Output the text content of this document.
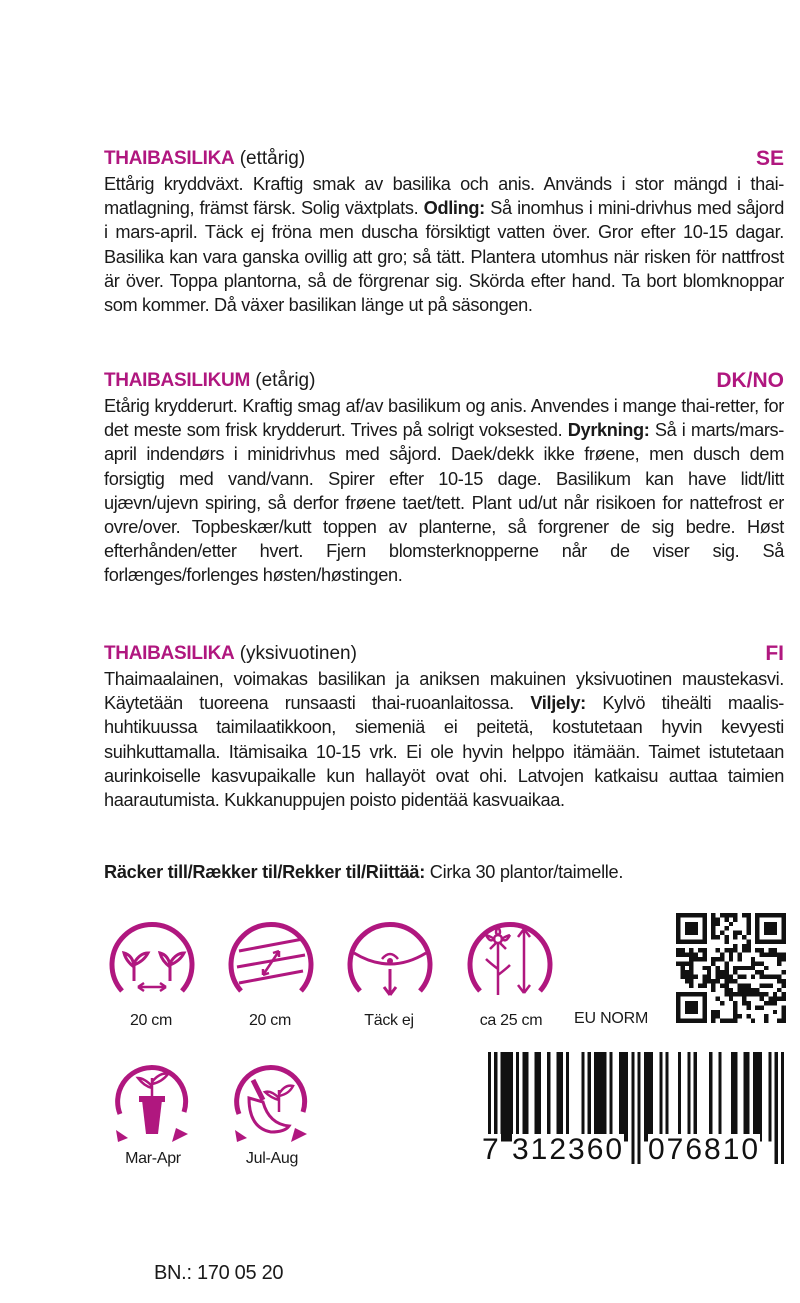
THAIBASILIKA (ettårig)	SE
Ettårig kryddväxt. Kraftig smak av basilika och anis. Används i stor mängd i thai-matlagning, främst färsk. Solig växtplats. Odling: Så inomhus i mini-drivhus med såjord i mars-april. Täck ej fröna men duscha försiktigt vatten över. Gror efter 10-15 dagar. Basilika kan vara ganska ovillig att gro; så tätt. Plantera utomhus när risken för nattfrost är över. Toppa plantorna, så de förgrenar sig. Skörda efter hand. Ta bort blomknoppar som kommer. Då växer basilikan länge ut på säsongen.
THAIBASILIKUM (etårig)	DK/NO
Etårig krydderurt. Kraftig smag af/av basilikum og anis. Anvendes i mange thai-retter, for det meste som frisk krydderurt. Trives på solrigt voksested. Dyrkning: Så i marts/mars-april indendørs i minidrivhus med såjord. Daek/dekk ikke frøene, men dusch dem forsigtig med vand/vann. Spirer efter 10-15 dage. Basilikum kan have lidt/litt ujævn/ujevn spiring, så derfor frøene taet/tett. Plant ud/ut når risikoen for nattefrost er ovre/over. Topbeskær/kutt toppen av planterne, så forgrener de sig bedre. Høst efterhånden/etter hvert. Fjern blomsterknopperne når de viser sig. Så forlænges/forlenges høsten/høstingen.
THAIBASILIKA (yksivuotinen)	FI
Thaimaalainen, voimakas basilikan ja aniksen makuinen yksivuotinen maustekasvi. Käytetään tuoreena runsaasti thai-ruoanlaitossa. Viljely: Kylvö tiheälti maalis-huhtikuussa taimilaatikkoon, siemeniä ei peitetä, kostutetaan hyvin kevyesti suihkuttamalla. Itämisaika 10-15 vrk. Ei ole hyvin helppo itämään. Taimet istutetaan aurinkoiselle kasvupaikalle kun hallayöt ovat ohi. Latvojen katkaisu auttaa taimien haarautumista. Kukkanuppujen poisto pidentää kasvuaikaa.
Räcker till/Rækker til/Rekker til/Riittää: Cirka 30 plantor/taimelle.
20 cm	20 cm	Täck ej	ca 25 cm	EU NORM
Mar-Apr	Jul-Aug	7 312360 076810
BN.: 170 05 20
